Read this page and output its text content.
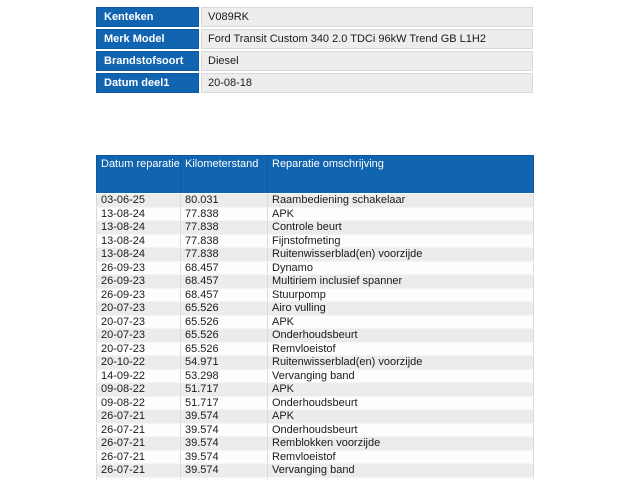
Kenteken	V089RK
Merk Model	Ford Transit Custom 340 2.0 TDCi 96kW Trend GB L1H2
Brandstofsoort	Diesel
Datum deel1	20-08-18
Datum reparatie	Kilometerstand	Reparatie omschrijving
03-06-25	80.031	Raambediening schakelaar
13-08-24	77.838	APK
13-08-24	77.838	Controle beurt
13-08-24	77.838	Fijnstofmeting
13-08-24	77.838	Ruitenwisserblad(en) voorzijde
26-09-23	68.457	Dynamo
26-09-23	68.457	Multiriem inclusief spanner
26-09-23	68.457	Stuurpomp
20-07-23	65.526	Airo vulling
20-07-23	65.526	APK
20-07-23	65.526	Onderhoudsbeurt
20-07-23	65.526	Remvloeistof
20-10-22	54.971	Ruitenwisserblad(en) voorzijde
14-09-22	53.298	Vervanging band
09-08-22	51.717	APK
09-08-22	51.717	Onderhoudsbeurt
26-07-21	39.574	APK
26-07-21	39.574	Onderhoudsbeurt
26-07-21	39.574	Remblokken voorzijde
26-07-21	39.574	Remvloeistof
26-07-21	39.574	Vervanging band
